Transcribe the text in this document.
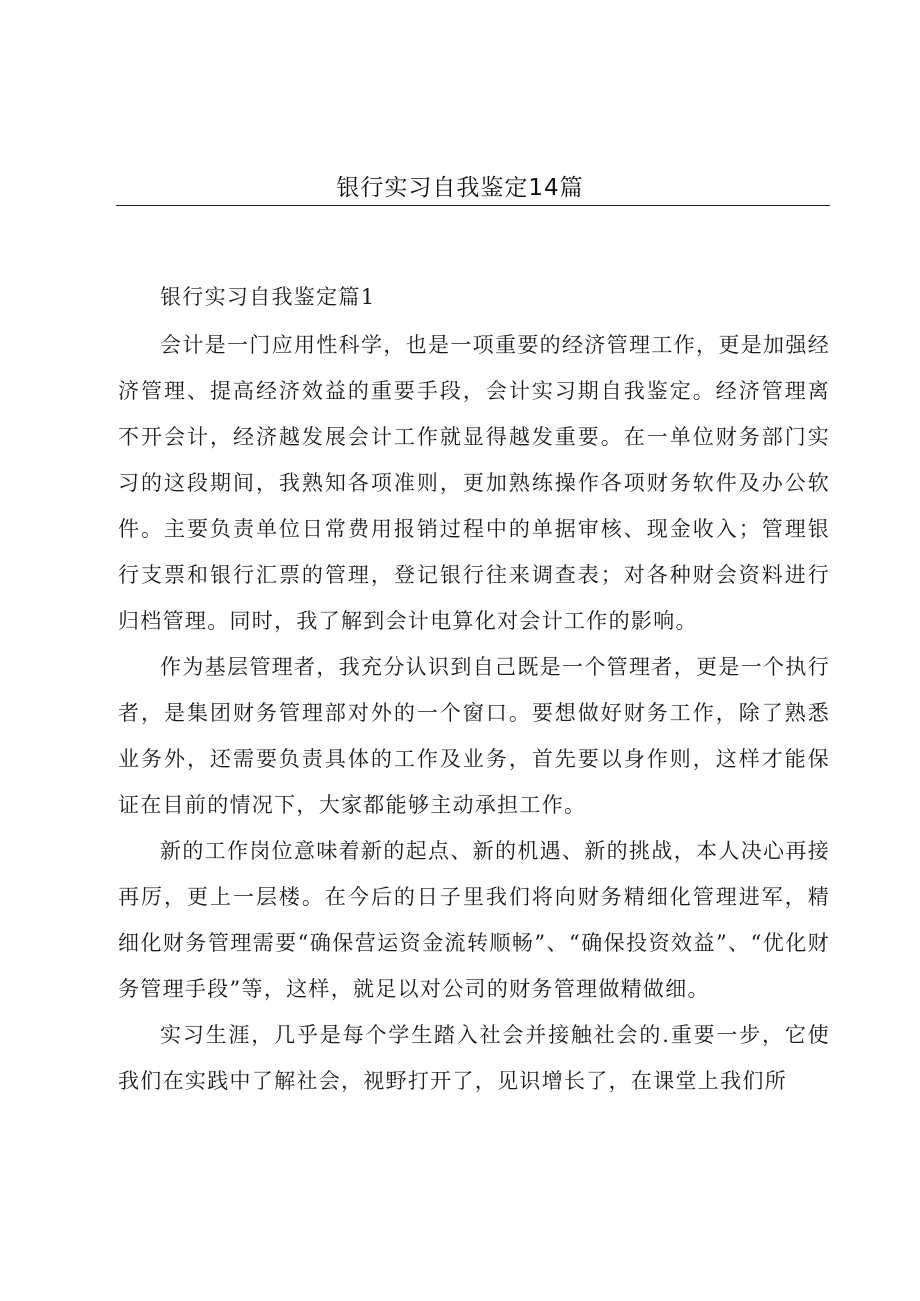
银行实习自我鉴定14篇

银行实习自我鉴定篇1

会计是一门应用性科学，也是一项重要的经济管理工作，更是加强经济管理、提高经济效益的重要手段，会计实习期自我鉴定。经济管理离不开会计，经济越发展会计工作就显得越发重要。在一单位财务部门实习的这段期间，我熟知各项准则，更加熟练操作各项财务软件及办公软件。主要负责单位日常费用报销过程中的单据审核、现金收入；管理银行支票和银行汇票的管理，登记银行往来调查表；对各种财会资料进行归档管理。同时，我了解到会计电算化对会计工作的影响。

作为基层管理者，我充分认识到自己既是一个管理者，更是一个执行者，是集团财务管理部对外的一个窗口。要想做好财务工作，除了熟悉业务外，还需要负责具体的工作及业务，首先要以身作则，这样才能保证在目前的情况下，大家都能够主动承担工作。

新的工作岗位意味着新的起点、新的机遇、新的挑战，本人决心再接再厉，更上一层楼。在今后的日子里我们将向财务精细化管理进军，精细化财务管理需要“确保营运资金流转顺畅”、“确保投资效益”、“优化财务管理手段”等，这样，就足以对公司的财务管理做精做细。

实习生涯，几乎是每个学生踏入社会并接触社会的.重要一步，它使我们在实践中了解社会，视野打开了，见识增长了，在课堂上我们所
